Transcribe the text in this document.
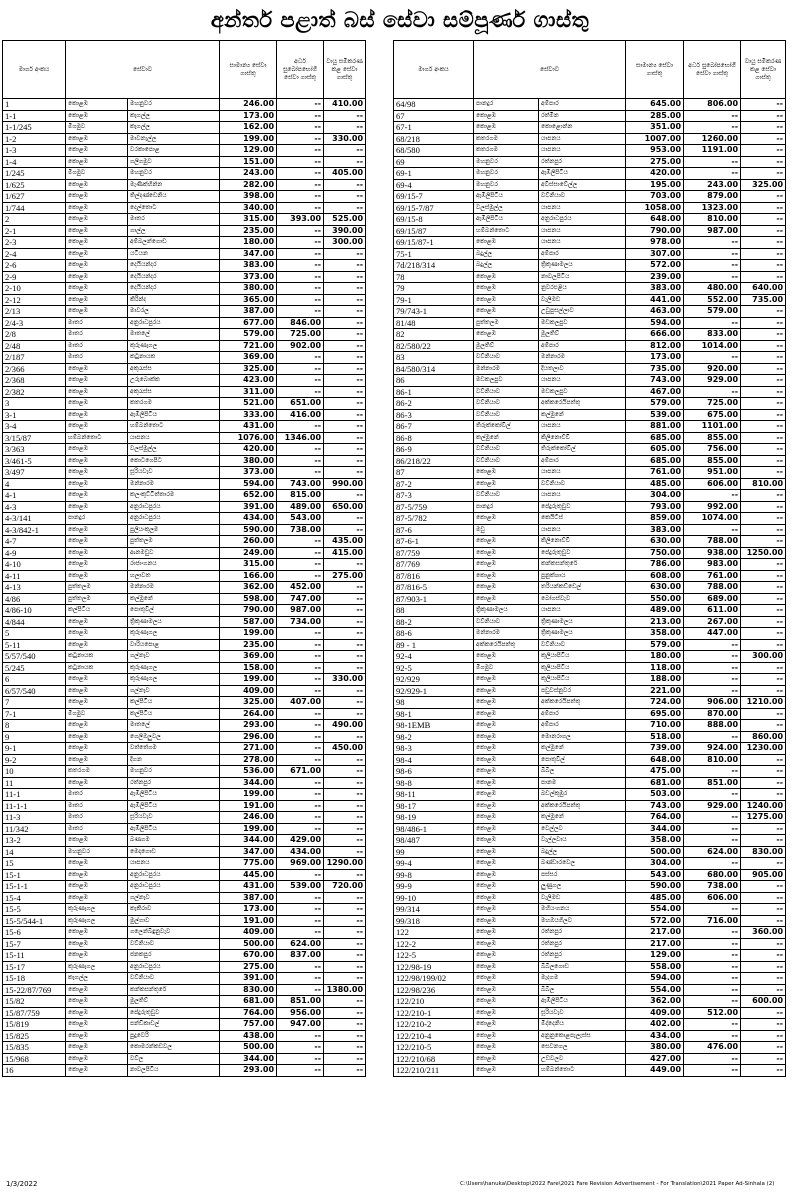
අන්තර් පළාත් බස් සේවා සම්පූර්ණ ගාස්තු
මාර්ග අංකය	සේවාව		සාමාන්‍ය සේවා ගාස්තු	අර්ධ සුඛෝපභෝගී සේවා ගාස්තු	වායු සමීකරණ කළ සේවා ගාස්තු
1	කොළඹ	මහනුවර	246.00	--	410.00
1-1	කොළඹ	කෑගල්ල	173.00	--	--
1-1/245	මීගමුව	කෑගල්ල	162.00	--	--
1-2	කොළඹ	මාවනැල්ල	199.00	--	330.00
1-3	කොළඹ	වරකාපොළ	129.00	--	--
1-4	කොළඹ	ගලිගමුව	151.00	--	--
1/245	මීගමුව	මහනුවර	243.00	--	405.00
1/625	කොළඹ	මැණික්හින්න	282.00	--	--
1/627	කොළඹ	තිල්දණ්ඩෙනිය	398.00	--	--
1/744	කොළඹ	දෙල්තොට	340.00	--	--
2	කොළඹ	මාතර	315.00	393.00	525.00
2-1	කොළඹ	ගාල්ල	235.00	--	390.00
2-3	කොළඹ	අම්බලන්ගොඩ	180.00	--	300.00
2-4	කොළඹ	යටියන	347.00	--	--
2-6	කොළඹ	දෙයියන්දර	383.00	--	--
2-9	කොළඹ	දෙයියන්දර	373.00	--	--
2-10	කොළඹ	දෙයියන්දර	380.00	--	--
2-12	කොළඹ	කිරින්ද	365.00	--	--
2/13	කොළඹ	මාවරල	387.00	--	--
2/4-3	මාතර	අනුරාධපුරය	677.00	846.00	--
2/8	මාතර	මාතලේ	579.00	725.00	--
2/48	මාතර	කුරුණෑගල	721.00	902.00	--
2/187	මාතර	කටුනායක	369.00	--	--
2/366	කොළඹ	අකුරැස්ස	325.00	--	--
2/368	කොළඹ	උරුබොක්ක	423.00	--	--
2/382	කොළඹ	අකුරැස්ස	311.00	--	--
3	කොළඹ	කතරගම	521.00	651.00	--
3-1	කොළඹ	ඇඹිලිපිටිය	333.00	416.00	--
3-4	කොළඹ	හම්බන්තොට	431.00	--	--
3/15/87	හම්බන්තොට	යාපනය	1076.00	1346.00	--
3/363	කොළඹ	වලස්මුල්ල	420.00	--	--
3/461-5	කොළඹ	කොටගෙපිට	380.00	--	--
3/497	කොළඹ	සූරියවැව	373.00	--	--
4	කොළඹ	මන්නාරම	594.00	743.00	990.00
4-1	කොළඹ	කලංකුට්ටිත්තාරම	652.00	815.00	--
4-3	කොළඹ	අනුරාධපුරය	391.00	489.00	650.00
4-3/141	පානදුර	අනුරාධපුරය	434.00	543.00	--
4-3/842-1	කොළඹ	පුලියංකුලම	590.00	738.00	--
4-7	කොළඹ	පුත්තලම	260.00	--	435.00
4-9	කොළඹ	ආනමඩුව	249.00	--	415.00
4-10	කොළඹ	රාජාංගනය	315.00	--	--
4-11	කොළඹ	හලාවත	166.00	--	275.00
4-13	පුත්තලම	මන්නාරම	362.00	452.00	--
4/86	පුත්තලම	කල්මුනේ	598.00	747.00	--
4/86-10	කල්පිටිය	පොතුවිල්	790.00	987.00	--
4/844	කොළඹ	ත්‍රිකුණාමලය	587.00	734.00	--
5	කොළඹ	කුරුණෑගල	199.00	--	--
5-11	කොළඹ	වාරියපොළ	235.00	--	--
5/57/540	කටුනායක	ගල්නෑව	369.00	--	--
5/245	කටුනායක	කුරුණෑගල	158.00	--	--
6	කොළඹ	කුරුණෑගල	199.00	--	330.00
6/57/540	කොළඹ	ගල්නෑව	409.00	--	--
7	කොළඹ	කල්පිටිය	325.00	407.00	--
7-1	මීගමුව	කල්පිටිය	264.00	--	--
8	කොළඹ	මාතලේ	293.00	--	490.00
9	කොළඹ	ගෙලිඔලුවල	296.00	--	--
9-1	කොළඹ	වත්තේගම	271.00	--	450.00
9-2	කොළඹ	දිගන	278.00	--	--
10	කතරගම	මහනුවර	536.00	671.00	--
11	කොළඹ	රත්නපුර	344.00	--	--
11-1	මාතර	ඇඹිලිපිටිය	199.00	--	--
11-1-1	මාතර	ඇඹිලිපිටිය	191.00	--	--
11-3	මාතර	සූරියවැව	246.00	--	--
11/342	මාතර	ඇඹිලිපිටිය	199.00	--	--
13-2	කොළඹ	බණගම	344.00	429.00	--
14	මහනුවර	මෙදාගොඩ	347.00	434.00	--
15	කොළඹ	යාපනය	775.00	969.00	1290.00
15-1	කොළඹ	අනුරාධපුරය	445.00	--	--
15-1-1	කොළඹ	අනුරාධපුරය	431.00	539.00	720.00
15-4	කොළඹ	ගල්නෑව	387.00	--	--
15-5	කුරුණෑගල	කැකිරාව	173.00	--	--
15-5/544-1	කුරුණෑගල	මුල්ගාව	191.00	--	--
15-6	කොළඹ	ගලෙන්බිඳුනුවැව	409.00	--	--
15-7	කොළඹ	වව්නියාව	500.00	624.00	--
15-11	කොළඹ	ජනකපුර	670.00	837.00	--
15-17	කුරුණෑගල	අනුරාධපුරය	275.00	--	--
15-18	කෑගල්ල	වව්නියාව	391.00	--	--
15-22/87/769	කොළඹ	කන්කසන්තුරේ	830.00	--	1380.00
15/82	කොළඹ	මුලතිව්	681.00	851.00	--
15/87/759	කොළඹ	පේදුරුතුඩුව	764.00	956.00	--
15/819	කොළඹ	පන්ඩිකාඩල්	757.00	947.00	--
15/825	කොළඹ	පුදුවෙරි	438.00	--	--
15/835	කොළඹ	කොමරන්කඩවල	500.00	--	--
15/968	කොළඹ	වව්ල	344.00	--	--
16	කොළඹ	නාවලපිටිය	293.00	--	--
මාර්ග අංකය	සේවාව		සාමාන්‍ය සේවා ගාස්තු	අර්ධ සුඛෝපභෝගී සේවා ගාස්තු	වායු සමීකරණ කළ සේවා ගාස්තු
64/98	පානදුර	අම්පාර	645.00	806.00	--
67	කොළඹ	රත්මින	285.00	--	--
67-1	කොළඹ	කොළොන්න	351.00	--	--
68/218	කතරගම	යාපනය	1007.00	1260.00	--
68/580	කතරගම	යාපනය	953.00	1191.00	--
69	මහනුවර	රත්නපුර	275.00	--	--
69-1	මහනුවර	ඇඹිලිපිටිය	420.00	--	--
69-4	මහනුවර	අවිස්සාවේල්ල	195.00	243.00	325.00
69/15-7	ඇඹිලිපිටිය	වව්නියාව	703.00	879.00	--
69/15-7/87	වලස්මුල්ල	යාපනය	1058.00	1323.00	--
69/15-8	ඇඹිලිපිටිය	අනුරාධපුරය	648.00	810.00	--
69/15/87	හම්බන්තොට	යාපනය	790.00	987.00	--
69/15/87-1	කොළඹ	යාපනය	978.00	--	--
75-1	බදුල්ල	අම්පාර	307.00	--	--
7d/218/314	බදුල්ල	ත්‍රිකුණාමලය	572.00	--	--
78	කොළඹ	නාවලපිටිය	239.00	--	--
79	කොළඹ	නුවරඑළිය	383.00	480.00	640.00
79-1	කොළඹ	වැලිමඩ	441.00	552.00	735.00
79/743-1	කොළඹ	උඩුපුසල්ලාව	463.00	579.00	--
81/48	පුත්තලම	මඩකලපුව	594.00	--	--
82	කොළඹ	මූලතිව්	666.00	833.00	--
82/580/22	මූලතිව්	අම්පාර	812.00	1014.00	--
83	වව්නියාව	මන්නාරම	173.00	--	--
84/580/314	මන්නාරම	දියතලාව	735.00	920.00	--
86	මඩකලපුව	යාපනය	743.00	929.00	--
86-1	වව්නියාව	මඩකලපුව	467.00	--	--
86-2	වව්නියාව	අක්කරෙයිපත්තු	579.00	725.00	--
86-3	වව්නියාව	කල්මුනේ	539.00	675.00	--
86-7	තිරුක්කෝවිල්	යාපනය	881.00	1101.00	--
86-8	කල්මුනේ	කිලිනොච්චි	685.00	855.00	--
86-9	වව්නියාව	තිරුක්කෝවිල්	605.00	756.00	--
86/218/22	වව්නියාව	අම්පාර	685.00	855.00	--
87	කොළඹ	යාපනය	761.00	951.00	--
87-2	කොළඹ	වව්නියාව	485.00	606.00	810.00
87-3	වව්නියාව	යාපනය	304.00	--	--
87-5/759	පානදුර	පේදුරුතුඩුව	793.00	992.00	--
87-5/782	කොළඹ	කෙයිට්ස්	859.00	1074.00	--
87-6	මඩු	යාපනය	383.00	--	--
87-6-1	කොළඹ	කිලිනොච්චි	630.00	788.00	--
87/759	කොළඹ	පේදුරුතුඩුව	750.00	938.00	1250.00
87/769	කොළඹ	කන්කසන්තුරේ	786.00	983.00	--
87/816	කොළඹ	පුනුක්ශාය	608.00	761.00	--
87/816-5	කොළඹ	තරියන්කඩ්ඩෙල්	630.00	788.00	--
87/903-1	කොළඹ	බෝගස්වැව	550.00	689.00	--
88	ත්‍රිකුණාමලය	යාපනය	489.00	611.00	--
88-2	වව්නියාව	ත්‍රිකුණාමලය	213.00	267.00	--
88-6	මන්නාරම	ත්‍රිකුණාමලය	358.00	447.00	--
89 - 1	අක්කරෙයිපත්තු	වව්නියාව	579.00	--	--
92-4	කොළඹ	කුලියාපිටිය	180.00	--	300.00
92-5	මීගමුව	කුලියාපිටිය	118.00	--	--
92/929	කොළඹ	කුලියාපිටිය	188.00	--	--
92/929-1	කොළඹ	පඩුවස්නුවර	221.00	--	--
98	කොළඹ	අක්කරෙයිපත්තු	724.00	906.00	1210.00
98-1	කොළඹ	අම්පාර	695.00	870.00	--
98-1EMB	කොළඹ	අම්පාර	710.00	888.00	--
98-2	කොළඹ	මොනරාගල	518.00	--	860.00
98-3	කොළඹ	කල්මුනේ	739.00	924.00	1230.00
98-4	කොළඹ	පොතුවිල්	648.00	810.00	--
98-6	කොළඹ	බිබිල	475.00	--	--
98-8	කොළඹ	පානම	681.00	851.00	--
98-11	කොළඹ	බඩල්කුඹුර	503.00	--	--
98-17	කොළඹ	අක්කරෙයිපත්තු	743.00	929.00	1240.00
98-19	කොළඹ	කල්මුනේ	764.00	--	1275.00
98/486-1	කොළඹ	වෙල්ලව	344.00	--	--
98/487	කොළඹ	වැල්ලවාය	358.00	--	--
99	කොළඹ	බදුල්ල	500.00	624.00	830.00
99-4	කොළඹ	බණ්ඩාරවෙල	304.00	--	--
99-8	කොළඹ	පස්සර	543.00	680.00	905.00
99-9	කොළඹ	ලුණුගල	590.00	738.00	--
99-10	කොළඹ	වැලිමඩ	485.00	606.00	--
99/314	කොළඹ	මහියංගනය	554.00	--	--
99/318	කොළඹ	මහඔයගිලව	572.00	716.00	--
122	කොළඹ	රත්නපුර	217.00	--	360.00
122-2	කොළඹ	රත්නපුර	217.00	--	--
122-5	කොළඹ	රත්නපුර	129.00	--	--
122/98-19	කොළඹ	බිබිලගොඩ	558.00	--	--
122/98/199/02	කොළඹ	මැදගම	594.00	--	--
122/98/236	කොළඹ	බිබිල	554.00	--	--
122/210	කොළඹ	ඇඹිලිපිටිය	362.00	--	600.00
122/210-1	කොළඹ	සූරියවැව	409.00	512.00	--
122/210-2	කොළඹ	මිද්දෙනිය	402.00	--	--
122/210-4	කොළඹ	අනුනුකොළපැලැස්ස	434.00	--	--
122/210-5	කොළඹ	සෙවනගල	380.00	476.00	--
122/210/68	කොළඹ	උඩවලව	427.00	--	--
122/210/211	කොළඹ	හම්බන්තොට	449.00	--	--
1/3/2022	C:\Users\hanuka\Desktop\2022 Fare\2021 Fare Revision Advertisement - For Translation\2021 Paper Ad-Sinhala (2)
